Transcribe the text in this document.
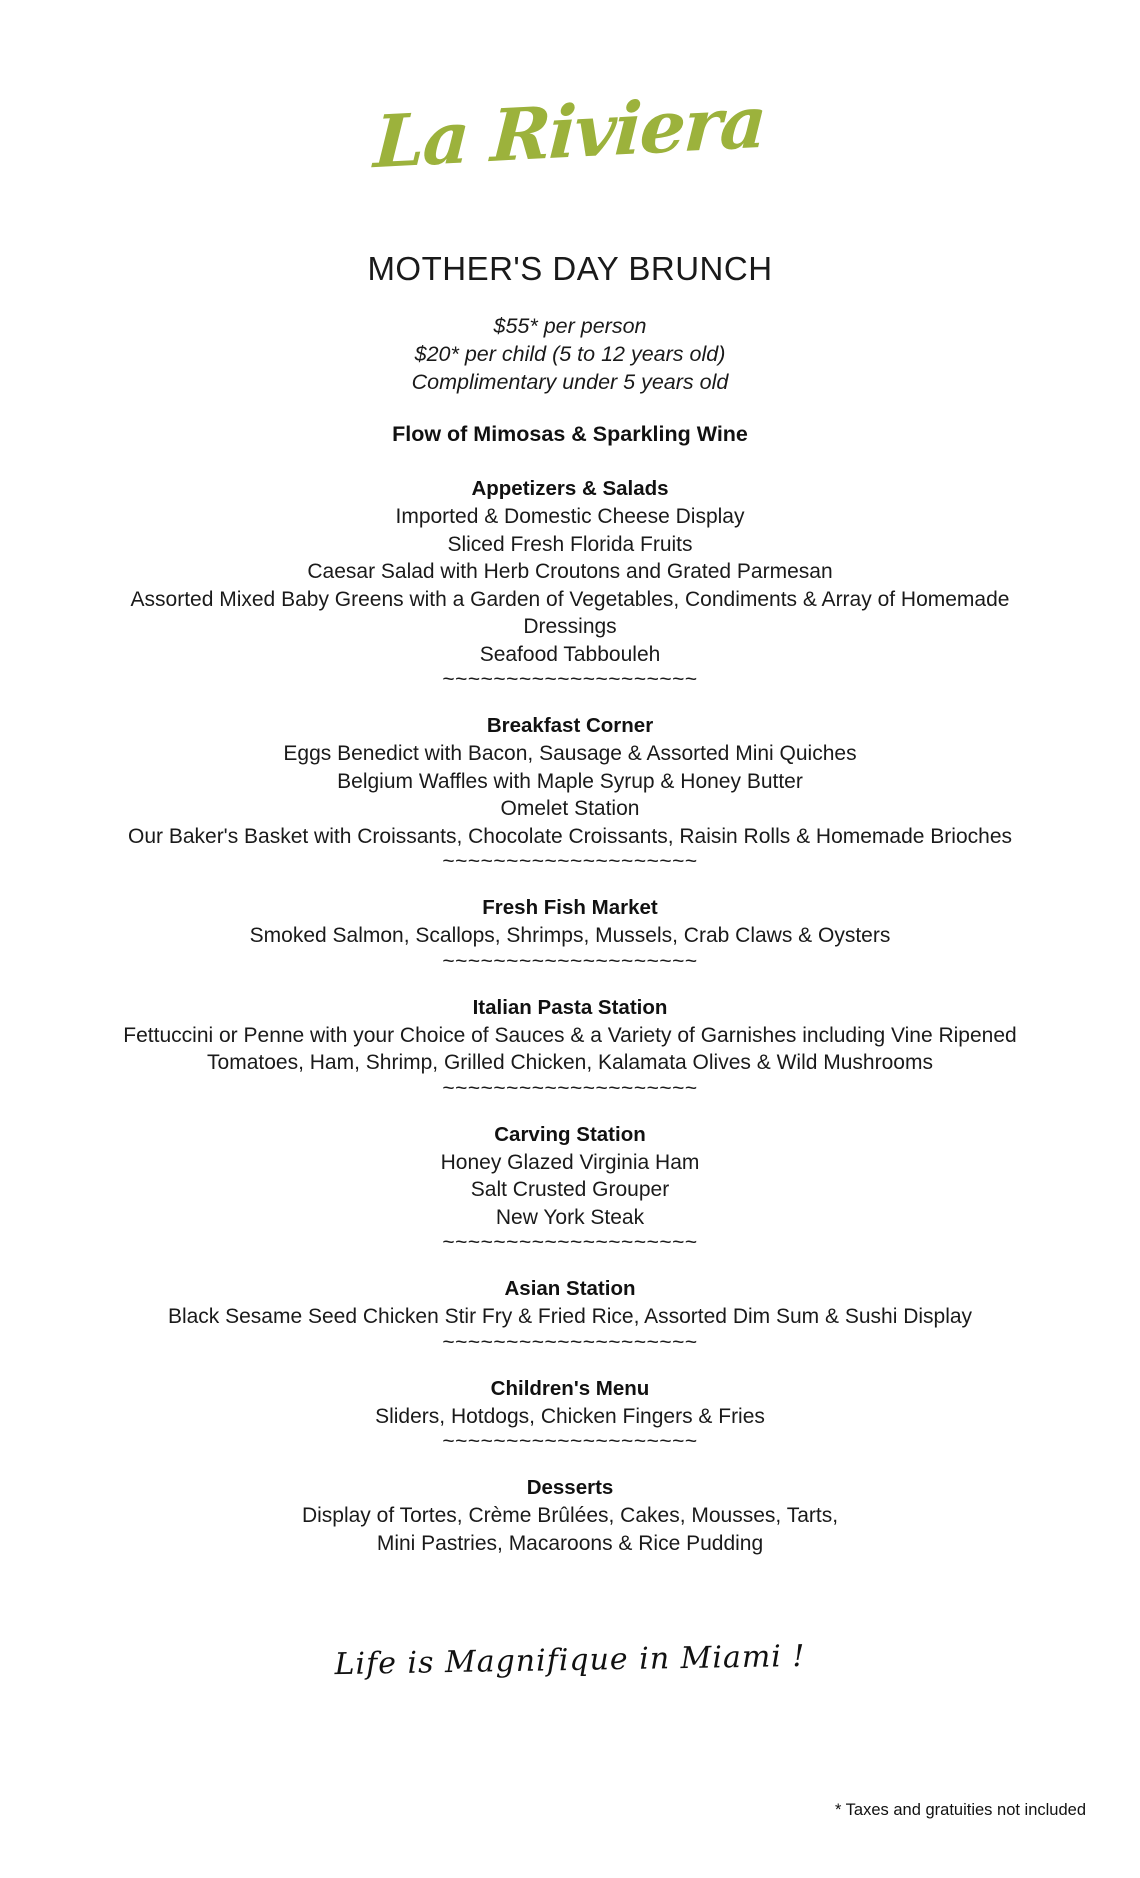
La Riviera
MOTHER'S DAY BRUNCH
$55* per person
$20* per child (5 to 12 years old)
Complimentary under 5 years old
Flow of Mimosas & Sparkling Wine
Appetizers & Salads
Imported & Domestic Cheese Display
Sliced Fresh Florida Fruits
Caesar Salad with Herb Croutons and Grated Parmesan
Assorted Mixed Baby Greens with a Garden of Vegetables, Condiments & Array of Homemade Dressings
Seafood Tabbouleh
~~~~~~~~~~~~~~~~~~~~
Breakfast Corner
Eggs Benedict with Bacon, Sausage & Assorted Mini Quiches
Belgium Waffles with Maple Syrup & Honey Butter
Omelet Station
Our Baker's Basket with Croissants, Chocolate Croissants, Raisin Rolls & Homemade Brioches
~~~~~~~~~~~~~~~~~~~~
Fresh Fish Market
Smoked Salmon, Scallops, Shrimps, Mussels, Crab Claws & Oysters
~~~~~~~~~~~~~~~~~~~~
Italian Pasta Station
Fettuccini or Penne with your Choice of Sauces & a Variety of Garnishes including Vine Ripened Tomatoes, Ham, Shrimp, Grilled Chicken, Kalamata Olives & Wild Mushrooms
~~~~~~~~~~~~~~~~~~~~
Carving Station
Honey Glazed Virginia Ham
Salt Crusted Grouper
New York Steak
~~~~~~~~~~~~~~~~~~~~
Asian Station
Black Sesame Seed Chicken Stir Fry & Fried Rice, Assorted Dim Sum & Sushi Display
~~~~~~~~~~~~~~~~~~~~
Children's Menu
Sliders, Hotdogs, Chicken Fingers & Fries
~~~~~~~~~~~~~~~~~~~~
Desserts
Display of Tortes, Crème Brûlées, Cakes, Mousses, Tarts,
Mini Pastries, Macaroons & Rice Pudding
Life is Magnifique in Miami !
* Taxes and gratuities not included
